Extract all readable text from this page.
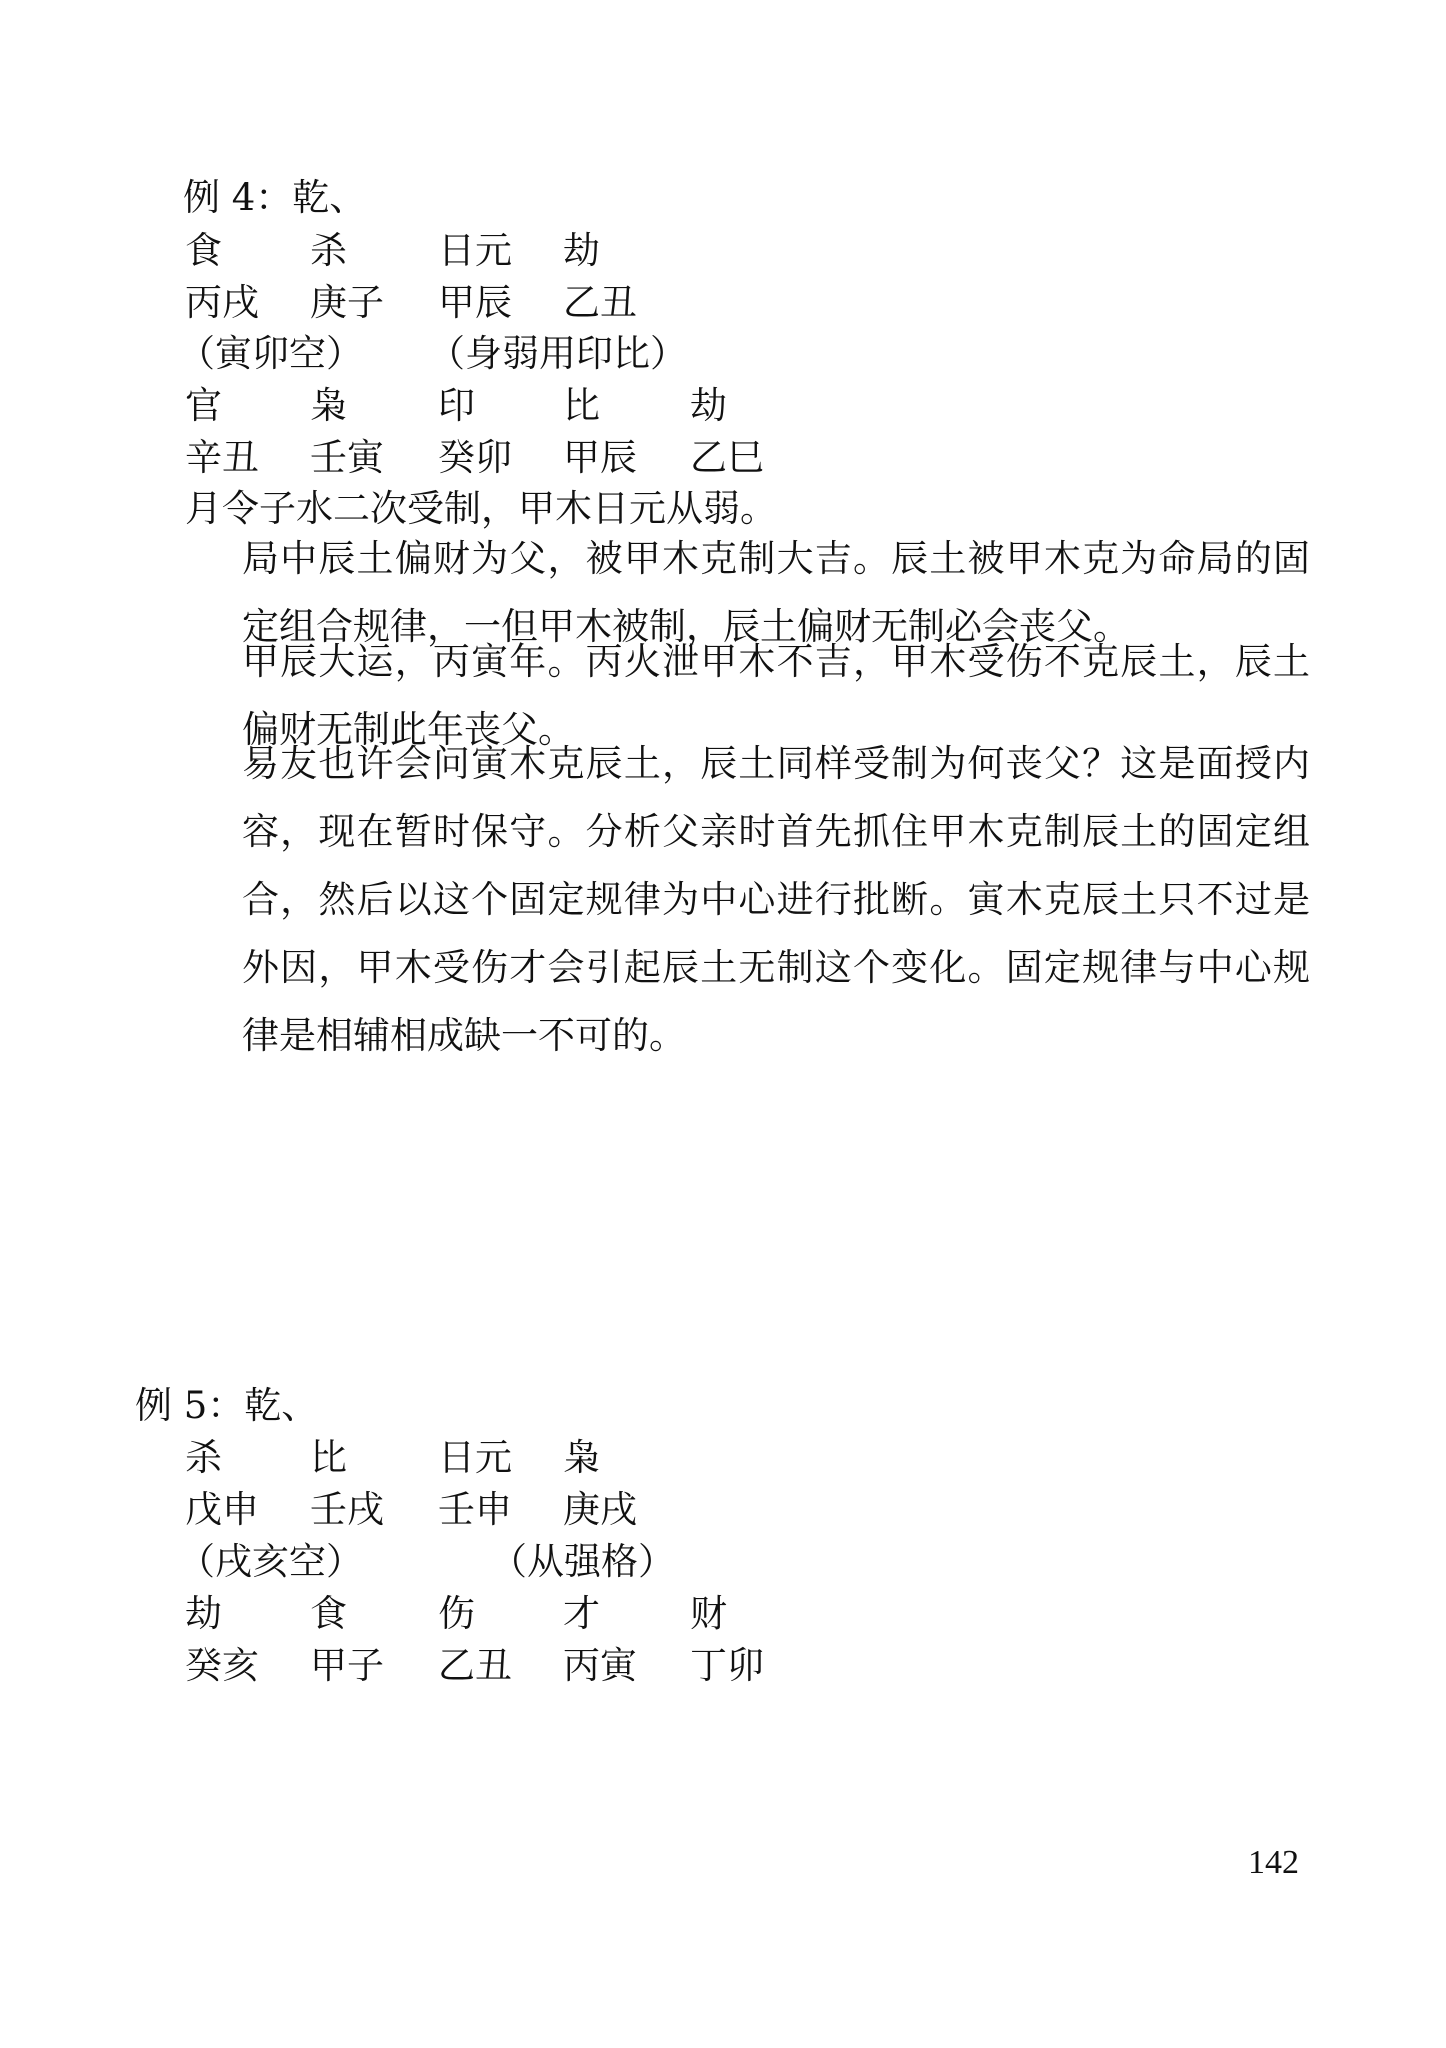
例 4：乾、
食 杀 日元 劫
丙戌 庚子 甲辰 乙丑
（寅卯空） （身弱用印比）
官 枭 印 比 劫
辛丑 壬寅 癸卯 甲辰 乙巳
月令子水二次受制，甲木日元从弱。
局中辰土偏财为父，被甲木克制大吉。辰土被甲木克为命局的固定组合规律，一但甲木被制，辰土偏财无制必会丧父。
甲辰大运，丙寅年。丙火泄甲木不吉，甲木受伤不克辰土，辰土偏财无制此年丧父。
易友也许会问寅木克辰土，辰土同样受制为何丧父？这是面授内容，现在暂时保守。分析父亲时首先抓住甲木克制辰土的固定组合，然后以这个固定规律为中心进行批断。寅木克辰土只不过是外因，甲木受伤才会引起辰土无制这个变化。固定规律与中心规律是相辅相成缺一不可的。
例 5：乾、
杀 比 日元 枭
戊申 壬戌 壬申 庚戌
（戌亥空）	（从强格）
劫 食 伤 才 财
癸亥 甲子 乙丑 丙寅 丁卯
142
